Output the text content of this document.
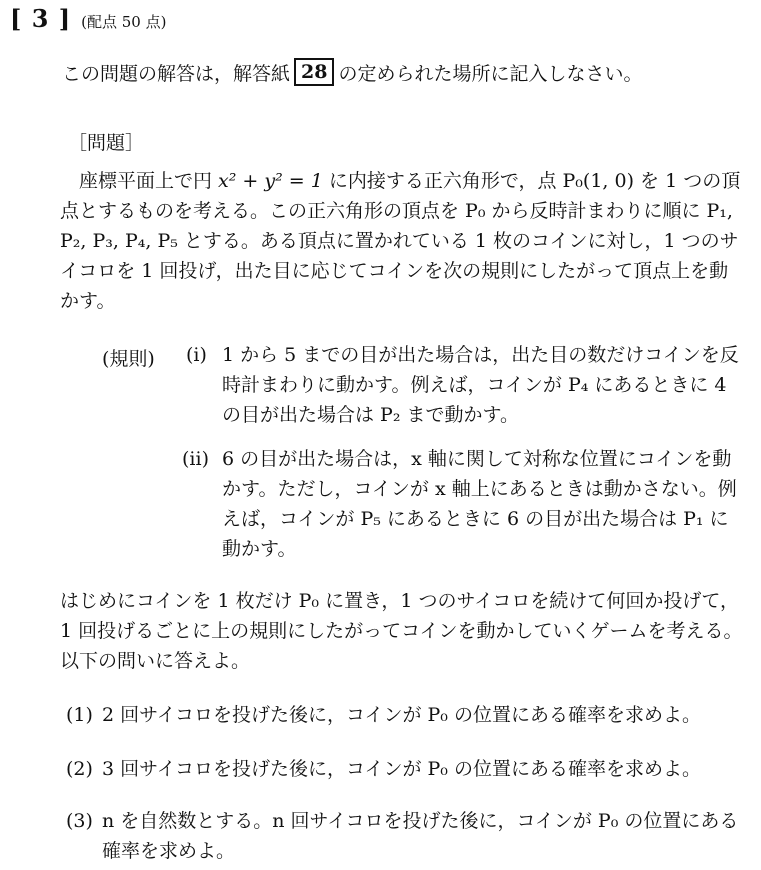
[ 3 ] (配点 50 点)
この問題の解答は，解答紙 28 の定められた場所に記入しなさい。
［問題］

座標平面上で円 x² + y² = 1 に内接する正六角形で，点 P₀(1, 0) を 1 つの頂

点とするものを考える。この正六角形の頂点を P₀ から反時計まわりに順に P₁,

P₂, P₃, P₄, P₅ とする。ある頂点に置かれている 1 枚のコインに対し，1 つのサ

イコロを 1 回投げ，出た目に応じてコインを次の規則にしたがって頂点上を動

かす。

(規則) (i) 1 から 5 までの目が出た場合は，出た目の数だけコインを反
時計まわりに動かす。例えば，コインが P₄ にあるときに 4
の目が出た場合は P₂ まで動かす。
(ii) 6 の目が出た場合は，x 軸に関して対称な位置にコインを動
かす。ただし，コインが x 軸上にあるときは動かさない。例
えば，コインが P₅ にあるときに 6 の目が出た場合は P₁ に
動かす。

はじめにコインを 1 枚だけ P₀ に置き，1 つのサイコロを続けて何回か投げて，

1 回投げるごとに上の規則にしたがってコインを動かしていくゲームを考える。

以下の問いに答えよ。

(1) 2 回サイコロを投げた後に，コインが P₀ の位置にある確率を求めよ。
(2) 3 回サイコロを投げた後に，コインが P₀ の位置にある確率を求めよ。
(3) n を自然数とする。n 回サイコロを投げた後に，コインが P₀ の位置にある
確率を求めよ。
